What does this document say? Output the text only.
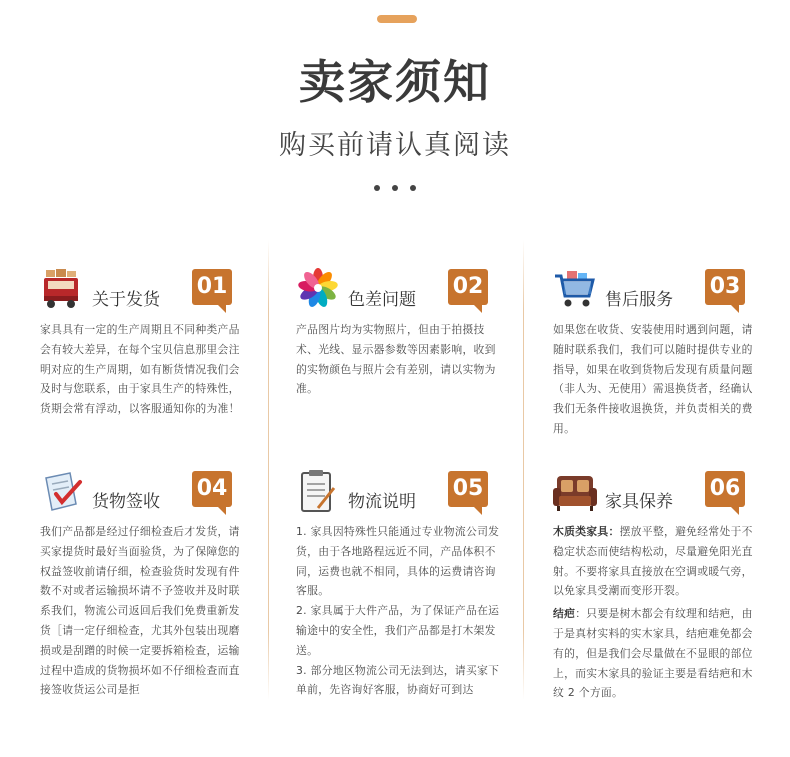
卖家须知
购买前请认真阅读
关于发货
01

家具具有一定的生产周期且不同种类产品会有较大差异，在每个宝贝信息那里会注明对应的生产周期，如有断货情况我们会及时与您联系，由于家具生产的特殊性，货期会常有浮动，以客服通知你的为准！

色差问题
02

产品图片均为实物照片，但由于拍摄技术、光线、显示器参数等因素影响，收到的实物颜色与照片会有差别，请以实物为准。

售后服务
03

如果您在收货、安装使用时遇到问题，请随时联系我们，我们可以随时提供专业的指导，如果在收到货物后发现有质量问题（非人为、无使用）需退换货者，经确认我们无条件接收退换货，并负责相关的费用。

货物签收
04

我们产品都是经过仔细检查后才发货，请买家提货时最好当面验货，为了保障您的权益签收前请仔细，检查验货时发现有件数不对或者运输损坏请不予签收并及时联系我们，物流公司返回后我们免费重新发货［请一定仔细检查，尤其外包装出现磨损或是刮蹭的时候一定要拆箱检查，运输过程中造成的货物损坏如不仔细检查而直接签收货运公司是拒

物流说明
05

1. 家具因特殊性只能通过专业物流公司发货，由于各地路程远近不同，产品体积不同，运费也就不相同，具体的运费请咨询客服。

2. 家具属于大件产品，为了保证产品在运输途中的安全性，我们产品都是打木架发送。

3. 部分地区物流公司无法到达，请买家下单前，先咨询好客服，协商好可到达

家具保养
06

木质类家具：摆放平整，避免经常处于不稳定状态而使结构松动，尽量避免阳光直射。不要将家具直接放在空调或暖气旁，以免家具受潮而变形开裂。

结疤：只要是树木都会有纹理和结疤，由于是真材实料的实木家具，结疤难免都会有的，但是我们会尽量做在不显眼的部位上，而实木家具的验证主要是看结疤和木纹 2 个方面。
